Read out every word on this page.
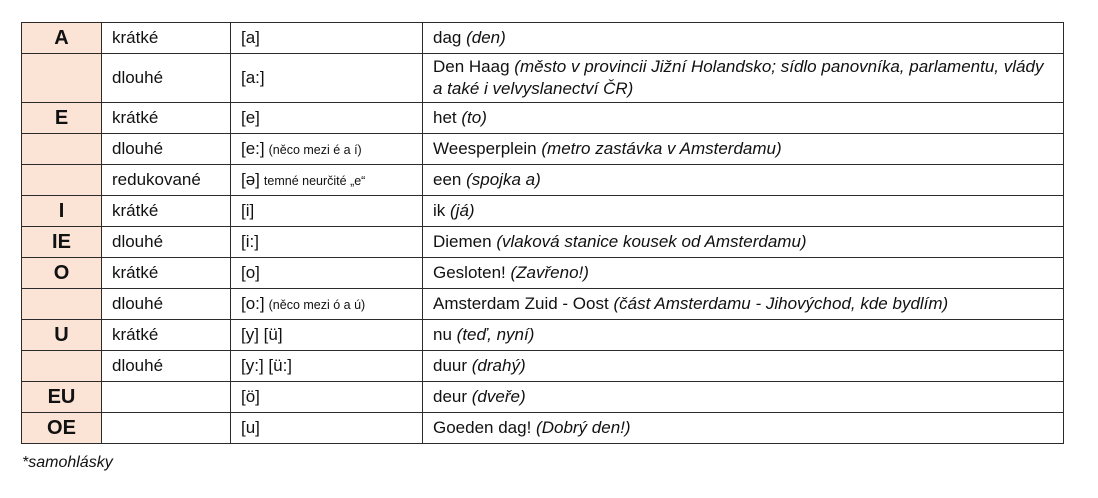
A	krátké	[a]	dag (den)
	dlouhé	[a:]	Den Haag (město v provincii Jižní Holandsko; sídlo panovníka, parlamentu, vlády a také i velvyslanectví ČR)
E	krátké	[e]	het (to)
	dlouhé	[e:] (něco mezi é a í)	Weesperplein (metro zastávka v Amsterdamu)
	redukované	[ə] temné neurčité „e“	een (spojka a)
I	krátké	[i]	ik (já)
IE	dlouhé	[i:]	Diemen (vlaková stanice kousek od Amsterdamu)
O	krátké	[o]	Gesloten! (Zavřeno!)
	dlouhé	[o:] (něco mezi ó a ú)	Amsterdam Zuid - Oost (část Amsterdamu - Jihovýchod, kde bydlím)
U	krátké	[y] [ü]	nu (teď, nyní)
	dlouhé	[y:] [ü:]	duur (drahý)
EU		[ö]	deur (dveře)
OE		[u]	Goeden dag! (Dobrý den!)
*samohlásky
